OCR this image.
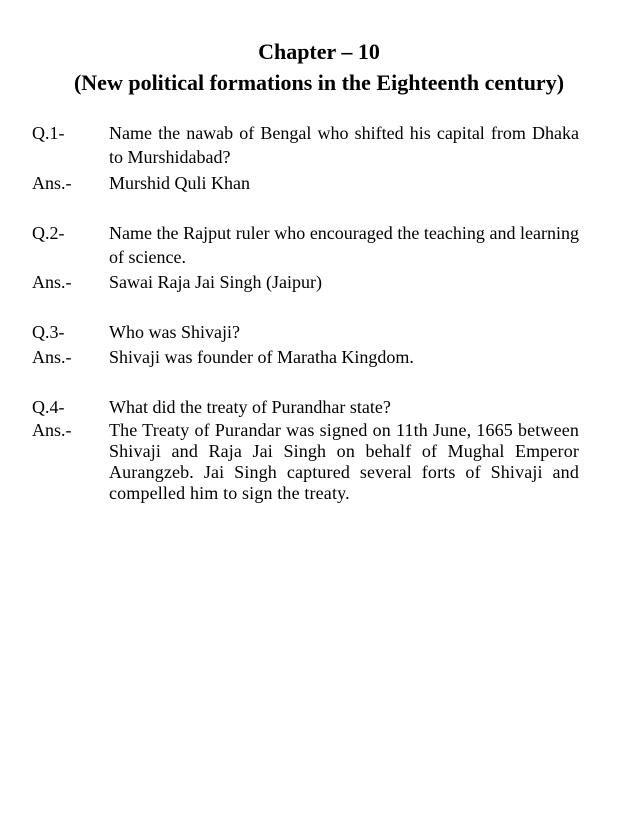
Chapter – 10
(New political formations in the Eighteenth century)
Q.1-	Name the nawab of Bengal who shifted his capital from Dhaka to Murshidabad?
Ans.-	Murshid Quli Khan
Q.2-	Name the Rajput ruler who encouraged the teaching and learning of science.
Ans.-	Sawai Raja Jai Singh (Jaipur)
Q.3-	Who was Shivaji?
Ans.-	Shivaji was founder of Maratha Kingdom.
Q.4-	What did the treaty of Purandhar state?
Ans.-	The Treaty of Purandar was signed on 11th June, 1665 between Shivaji and Raja Jai Singh on behalf of Mughal Emperor Aurangzeb. Jai Singh captured several forts of Shivaji and compelled him to sign the treaty.
